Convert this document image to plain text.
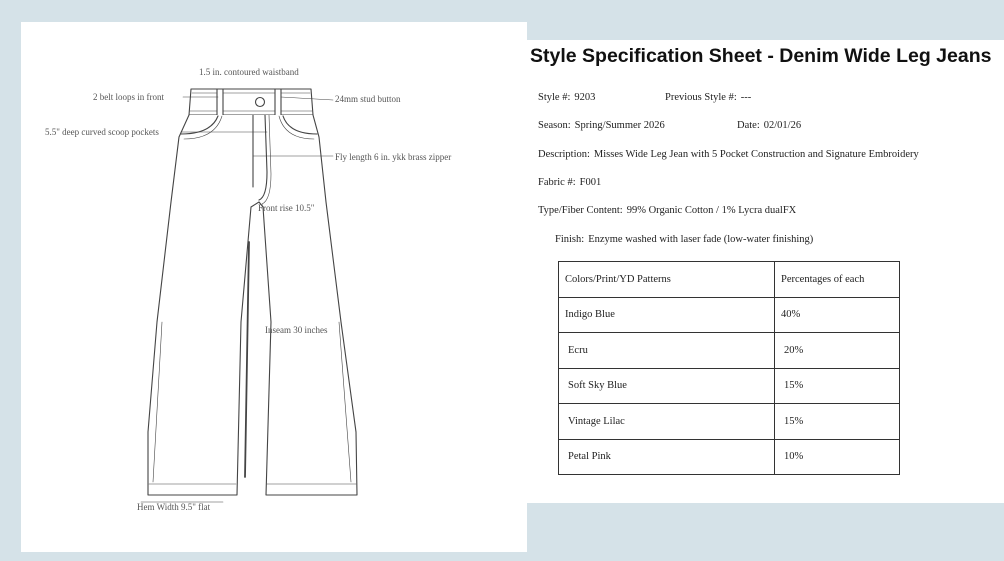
1.5 in. contoured waistband
2 belt loops in front	24mm stud button
5.5" deep curved scoop pockets
Fly length 6 in. ykk brass zipper
Front rise 10.5"
Inseam 30 inches
Hem Width 9.5" flat
Style Specification Sheet - Denim Wide Leg Jeans
Style #: 9203	Previous Style #: ---
Season: Spring/Summer 2026	Date: 02/01/26
Description: Misses Wide Leg Jean with 5 Pocket Construction and Signature Embroidery
Fabric #: F001
Type/Fiber Content: 99% Organic Cotton / 1% Lycra dualFX
Finish: Enzyme washed with laser fade (low-water finishing)
Colors/Print/YD Patterns	Percentages of each
Indigo Blue	40%
Ecru	20%
Soft Sky Blue	15%
Vintage Lilac	15%
Petal Pink	10%
